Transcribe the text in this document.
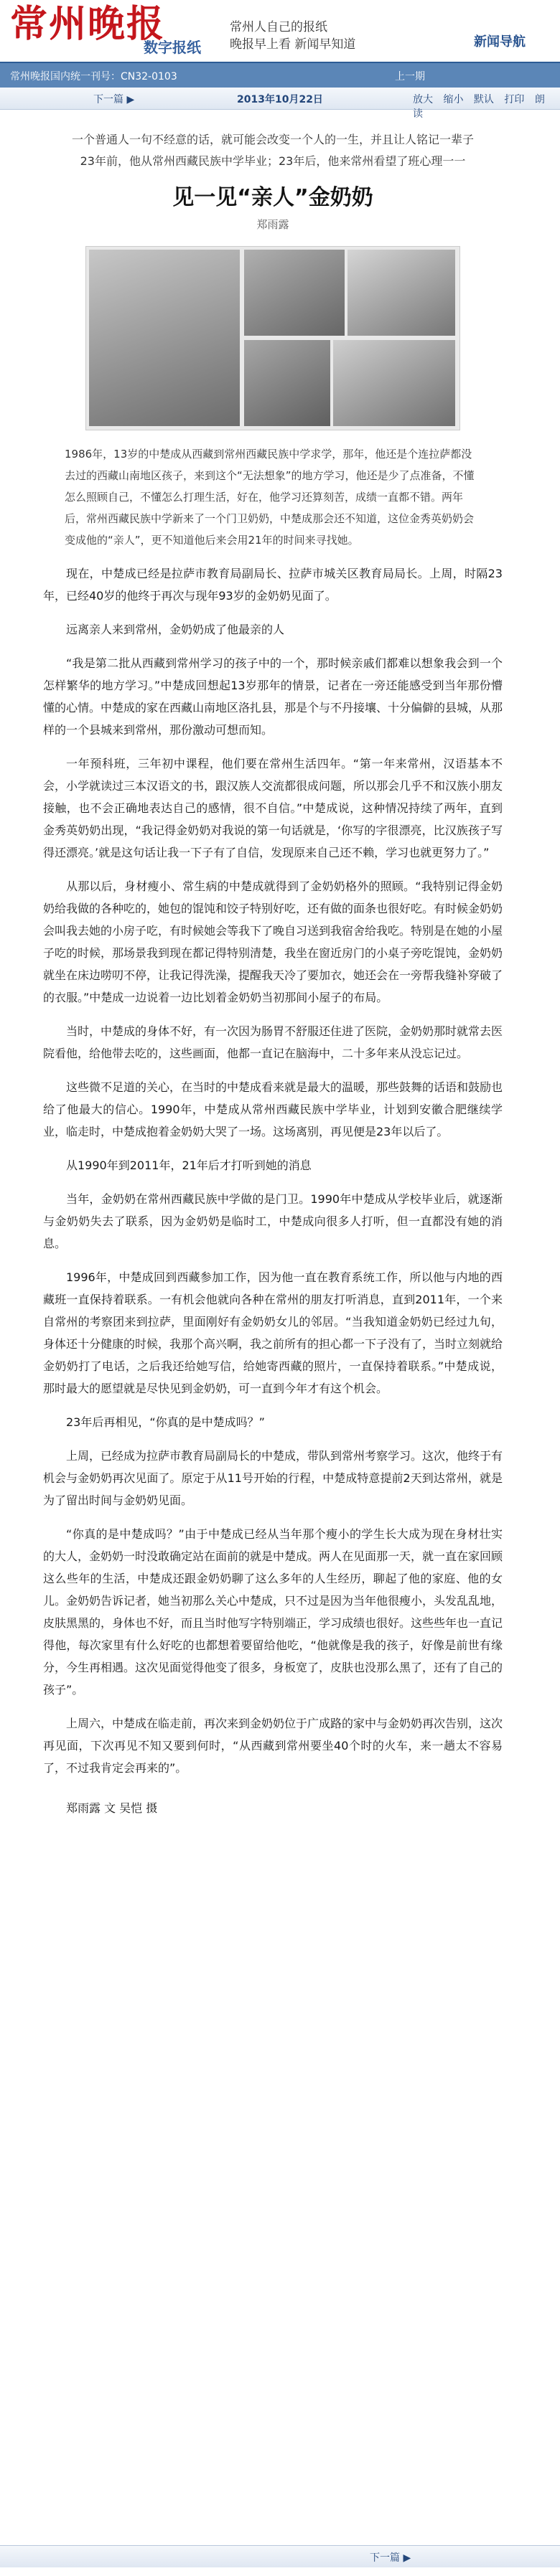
常州晚报
数字报纸
常州人自己的报纸
晚报早上看 新闻早知道	新闻导航
常州晚报国内统一刊号：CN32-0103	上一期
下一篇 ▶	2013年10月22日	放大 缩小 默认 打印 朗读

一个普通人一句不经意的话，就可能会改变一个人的一生，并且让人铭记一辈子

23年前，他从常州西藏民族中学毕业；23年后，他来常州看望了班心理一一

见一见“亲人”金奶奶
郑雨露

1986年，13岁的中楚成从西藏到常州西藏民族中学求学，那年，他还是个连拉萨都没去过的西藏山南地区孩子，来到这个“无法想象”的地方学习，他还是少了点准备，不懂怎么照顾自己，不懂怎么打理生活，好在，他学习还算刻苦，成绩一直都不错。两年后，常州西藏民族中学新来了一个门卫奶奶，中楚成那会还不知道，这位金秀英奶奶会变成他的“亲人”，更不知道他后来会用21年的时间来寻找她。

现在，中楚成已经是拉萨市教育局副局长、拉萨市城关区教育局局长。上周，时隔23年，已经40岁的他终于再次与现年93岁的金奶奶见面了。

远离亲人来到常州，金奶奶成了他最亲的人

“我是第二批从西藏到常州学习的孩子中的一个，那时候亲戚们都难以想象我会到一个怎样繁华的地方学习。”中楚成回想起13岁那年的情景，记者在一旁还能感受到当年那份懵懂的心情。中楚成的家在西藏山南地区洛扎县，那是个与不丹接壤、十分偏僻的县城，从那样的一个县城来到常州，那份激动可想而知。

一年预科班，三年初中课程，他们要在常州生活四年。“第一年来常州，汉语基本不会，小学就读过三本汉语文的书，跟汉族人交流都很成问题，所以那会几乎不和汉族小朋友接触，也不会正确地表达自己的感情，很不自信。”中楚成说，这种情况持续了两年，直到金秀英奶奶出现，“我记得金奶奶对我说的第一句话就是，‘你写的字很漂亮，比汉族孩子写得还漂亮。’就是这句话让我一下子有了自信，发现原来自己还不赖，学习也就更努力了。”

从那以后，身材瘦小、常生病的中楚成就得到了金奶奶格外的照顾。“我特别记得金奶奶给我做的各种吃的，她包的馄饨和饺子特别好吃，还有做的面条也很好吃。有时候金奶奶会叫我去她的小房子吃，有时候她会等我下了晚自习送到我宿舍给我吃。特别是在她的小屋子吃的时候，那场景我到现在都记得特别清楚，我坐在窗近房门的小桌子旁吃馄饨，金奶奶就坐在床边唠叨不停，让我记得洗澡，提醒我天冷了要加衣，她还会在一旁帮我缝补穿破了的衣服。”中楚成一边说着一边比划着金奶奶当初那间小屋子的布局。

当时，中楚成的身体不好，有一次因为肠胃不舒服还住进了医院，金奶奶那时就常去医院看他，给他带去吃的，这些画面，他都一直记在脑海中，二十多年来从没忘记过。

这些微不足道的关心，在当时的中楚成看来就是最大的温暖，那些鼓舞的话语和鼓励也给了他最大的信心。1990年，中楚成从常州西藏民族中学毕业，计划到安徽合肥继续学业，临走时，中楚成抱着金奶奶大哭了一场。这场离别，再见便是23年以后了。

从1990年到2011年，21年后才打听到她的消息

当年，金奶奶在常州西藏民族中学做的是门卫。1990年中楚成从学校毕业后，就逐渐与金奶奶失去了联系，因为金奶奶是临时工，中楚成向很多人打听，但一直都没有她的消息。

1996年，中楚成回到西藏参加工作，因为他一直在教育系统工作，所以他与内地的西藏班一直保持着联系。一有机会他就向各种在常州的朋友打听消息，直到2011年，一个来自常州的考察团来到拉萨，里面刚好有金奶奶女儿的邻居。“当我知道金奶奶已经过九旬，身体还十分健康的时候，我那个高兴啊，我之前所有的担心都一下子没有了，当时立刻就给金奶奶打了电话，之后我还给她写信，给她寄西藏的照片，一直保持着联系。”中楚成说，那时最大的愿望就是尽快见到金奶奶，可一直到今年才有这个机会。

23年后再相见，“你真的是中楚成吗？”

上周，已经成为拉萨市教育局副局长的中楚成，带队到常州考察学习。这次，他终于有机会与金奶奶再次见面了。原定于从11号开始的行程，中楚成特意提前2天到达常州，就是为了留出时间与金奶奶见面。

“你真的是中楚成吗？”由于中楚成已经从当年那个瘦小的学生长大成为现在身材壮实的大人，金奶奶一时没敢确定站在面前的就是中楚成。两人在见面那一天，就一直在家回顾这么些年的生活，中楚成还跟金奶奶聊了这么多年的人生经历，聊起了他的家庭、他的女儿。金奶奶告诉记者，她当初那么关心中楚成，只不过是因为当年他很瘦小，头发乱乱地，皮肤黑黑的，身体也不好，而且当时他写字特别端正，学习成绩也很好。这些些年也一直记得他，每次家里有什么好吃的也都想着要留给他吃，“他就像是我的孩子，好像是前世有缘分，今生再相遇。这次见面觉得他变了很多，身板宽了，皮肤也没那么黑了，还有了自己的孩子”。

上周六，中楚成在临走前，再次来到金奶奶位于广成路的家中与金奶奶再次告别，这次再见面，下次再见不知又要到何时，“从西藏到常州要坐40个时的火车，来一趟太不容易了，不过我肯定会再来的”。

郑雨露 文 吴恺 摄

下一篇 ▶
